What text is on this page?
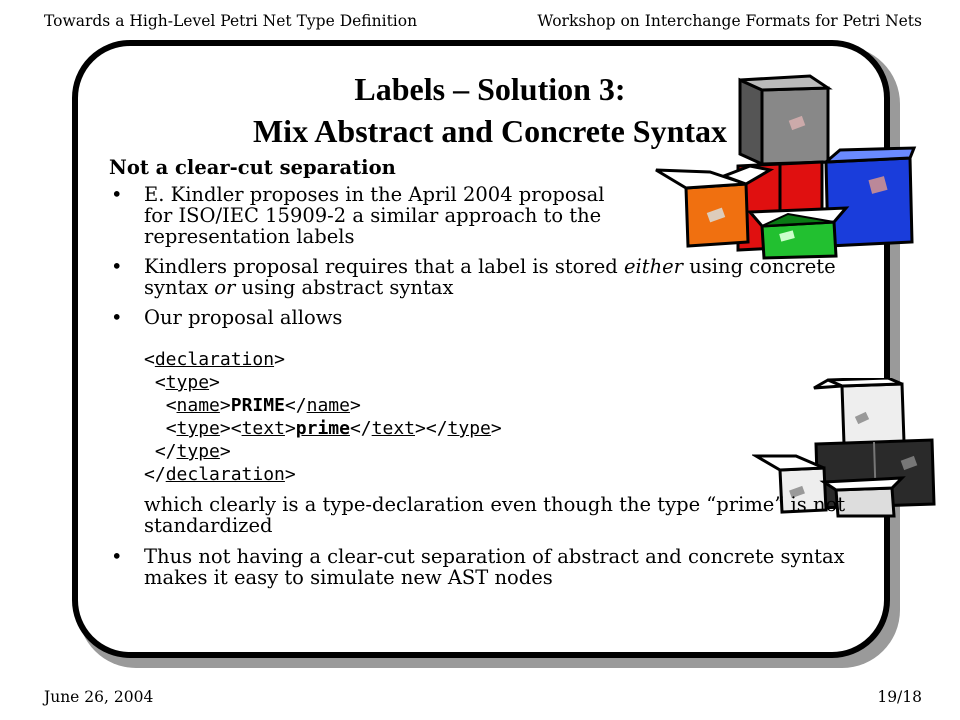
Towards a High-Level Petri Net Type Definition	Workshop on Interchange Formats for Petri Nets
Labels – Solution 3:
Mix Abstract and Concrete Syntax
Not a clear-cut separation
• E. Kindler proposes in the April 2004 proposal for ISO/IEC 15909-2 a similar approach to the representation labels
• Kindlers proposal requires that a label is stored either using concrete syntax or using abstract syntax
• Our proposal allows
<declaration>
<type>
<name>PRIME</name>
<type><text>prime</text></type>
</type>
</declaration>
which clearly is a type-declaration even though the type “prime” is not standardized
• Thus not having a clear-cut separation of abstract and concrete syntax makes it easy to simulate new AST nodes
June 26, 2004	19/18
